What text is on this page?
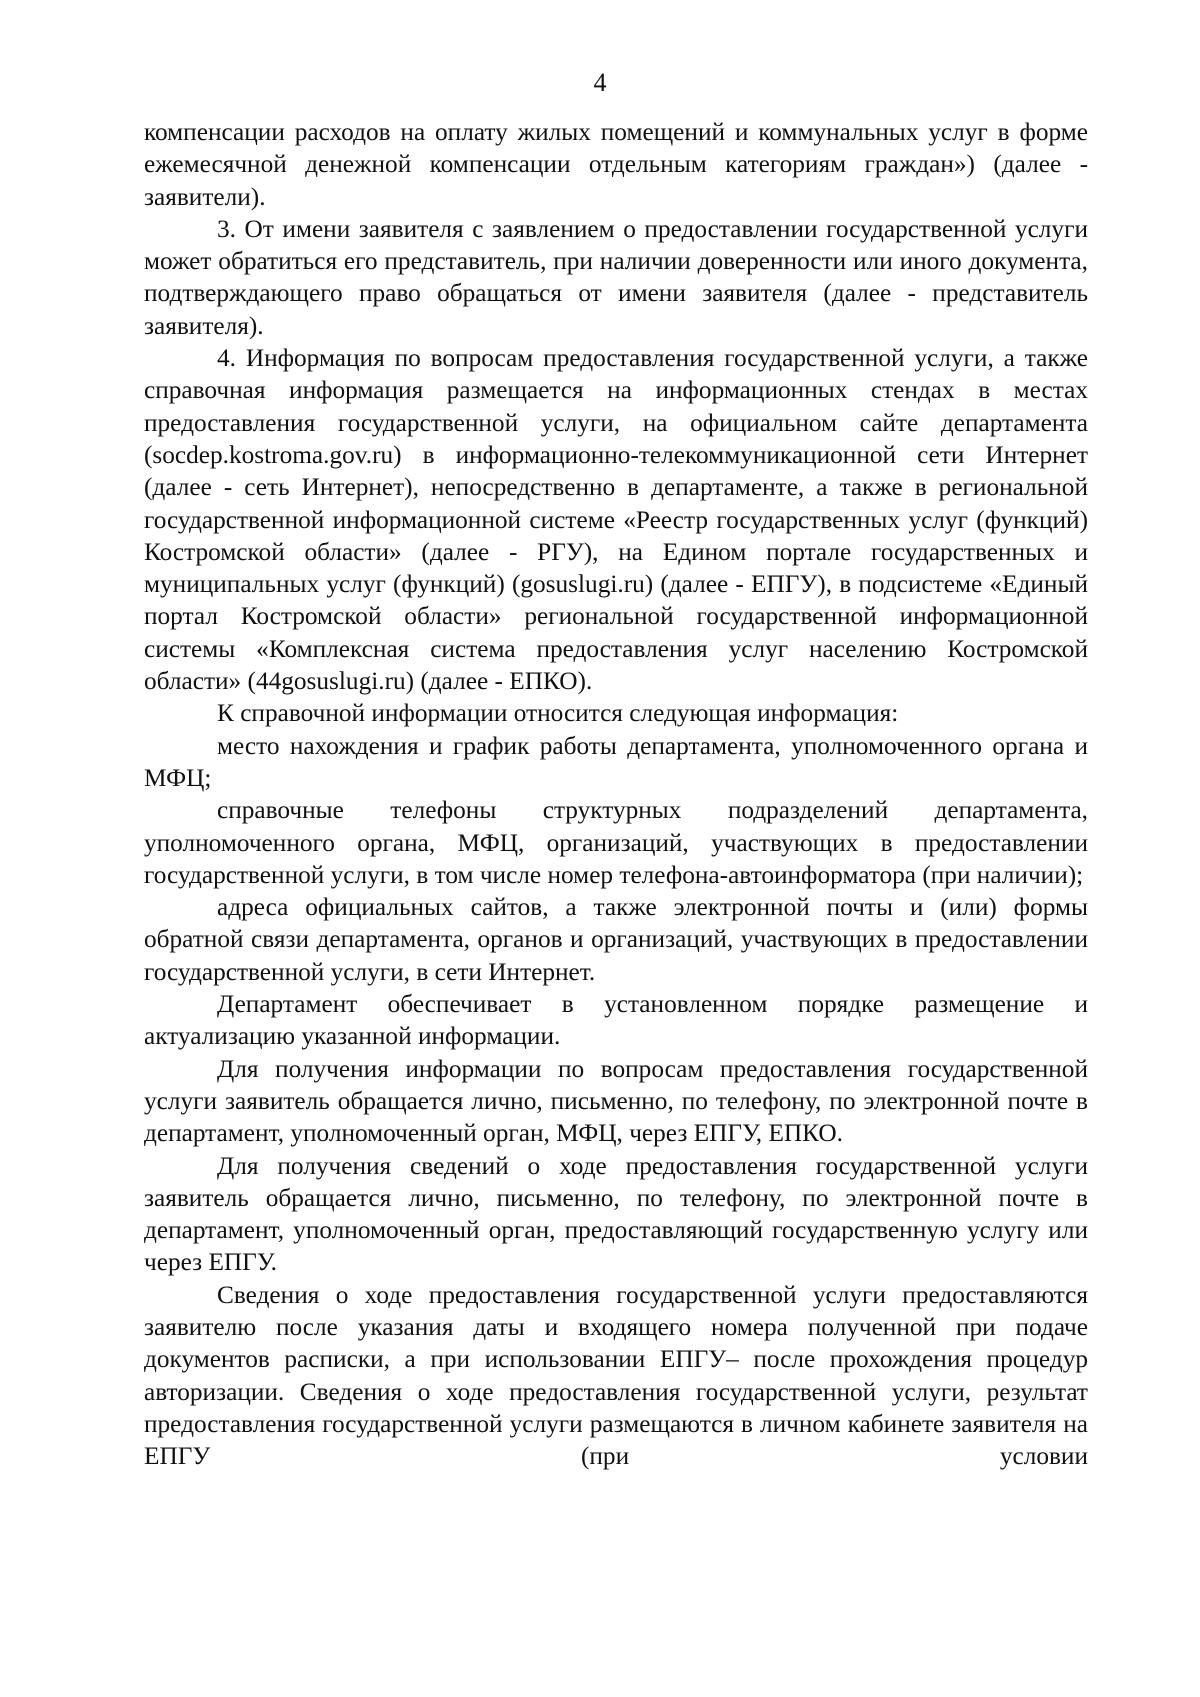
4

компенсации расходов на оплату жилых помещений и коммунальных услуг в форме ежемесячной денежной компенсации отдельным категориям граждан») (далее - заявители).

3. От имени заявителя с заявлением о предоставлении государственной услуги может обратиться его представитель, при наличии доверенности или иного документа, подтверждающего право обращаться от имени заявителя (далее - представитель заявителя).

4. Информация по вопросам предоставления государственной услуги, а также справочная информация размещается на информационных стендах в местах предоставления государственной услуги, на официальном сайте департамента (socdep.kostroma.gov.ru) в информационно-телекоммуникационной сети Интернет (далее - сеть Интернет), непосредственно в департаменте, а также в региональной государственной информационной системе «Реестр государственных услуг (функций) Костромской области» (далее - РГУ), на Едином портале государственных и муниципальных услуг (функций) (gosuslugi.ru) (далее - ЕПГУ), в подсистеме «Единый портал Костромской области» региональной государственной информационной системы «Комплексная система предоставления услуг населению Костромской области» (44gosuslugi.ru) (далее - ЕПКО).

К справочной информации относится следующая информация:

место нахождения и график работы департамента, уполномоченного органа и МФЦ;

справочные телефоны структурных подразделений департамента, уполномоченного органа, МФЦ, организаций, участвующих в предоставлении государственной услуги, в том числе номер телефона-автоинформатора (при наличии);

адреса официальных сайтов, а также электронной почты и (или) формы обратной связи департамента, органов и организаций, участвующих в предоставлении государственной услуги, в сети Интернет.

Департамент обеспечивает в установленном порядке размещение и актуализацию указанной информации.

Для получения информации по вопросам предоставления государственной услуги заявитель обращается лично, письменно, по телефону, по электронной почте в департамент, уполномоченный орган, МФЦ, через ЕПГУ, ЕПКО.

Для получения сведений о ходе предоставления государственной услуги заявитель обращается лично, письменно, по телефону, по электронной почте в департамент, уполномоченный орган, предоставляющий государственную услугу или через ЕПГУ.

Сведения о ходе предоставления государственной услуги предоставляются заявителю после указания даты и входящего номера полученной при подаче документов расписки, а при использовании ЕПГУ– после прохождения процедур авторизации. Сведения о ходе предоставления государственной услуги, результат предоставления государственной услуги размещаются в личном кабинете заявителя на ЕПГУ (при условии
